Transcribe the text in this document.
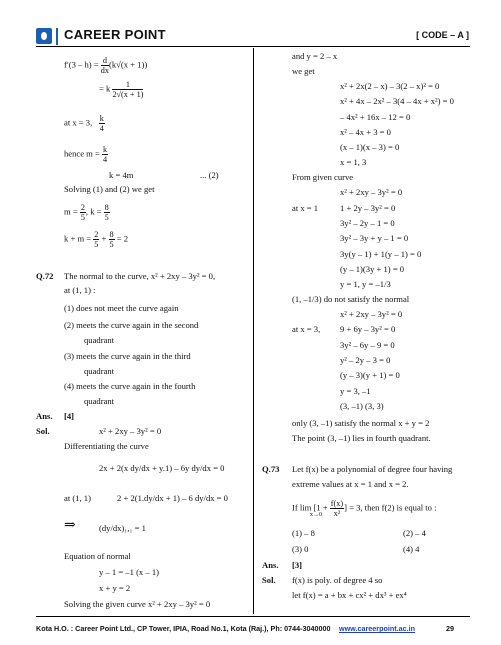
CAREER POINT	[ CODE – A ]
$f'(3 - h) = \frac{d}{dx} (k√(x + 1))$
= k $\frac{1}{2√(x + 1)}$
at x = 3, $\frac{k}{4}$
hence $m = \frac{k}{4}$
k = 4m	... (2)
Solving (1) and (2) we get
$m = \frac{2}{5}$ , $k = \frac{8}{5}$
$k + m = \frac{2}{5} + \frac{8}{5} = 2$
Q.72 The normal to the curve, x² + 2xy – 3y² = 0,
at (1, 1) :
(1) does not meet the curve again
(2) meets the curve again in the second
quadrant
(3) meets the curve again in the third
quadrant
(4) meets the curve again in the fourth
quadrant
Ans. [4]
Sol.	x² + 2xy – 3y² = 0
Differentiating the curve
2x + 2(x dy/dx + y.1) – 6y dy/dx = 0
at (1, 1)	2 + 2(1.dy/dx + 1) – 6 dy/dx = 0
⇒	(dy/dx)₁,₁ = 1
Equation of normal
y – 1 = –1 (x – 1)
x + y = 2
Solving the given curve x² + 2xy – 3y² = 0
and y = 2 – x
we get
x² + 2x(2 – x) – 3(2 – x)² = 0
x² + 4x – 2x² – 3(4 – 4x + x²) = 0
– 4x² + 16x – 12 = 0
x² – 4x + 3 = 0
(x – 1)(x – 3) = 0
x = 1, 3
From given curve
x² + 2xy – 3y² = 0
at x = 1	1 + 2y – 3y² = 0
3y² – 2y – 1 = 0
3y² – 3y + y – 1 = 0
3y(y – 1) + 1(y – 1) = 0
(y – 1)(3y + 1) = 0
y = 1, y = –1/3
(1, –1/3) do not satisfy the normal
x² + 2xy – 3y² = 0
at x = 3, 9 + 6y – 3y² = 0
3y² – 6y – 9 = 0
y² – 2y – 3 = 0
(y – 3)(y + 1) = 0
y = 3, –1
(3, –1) (3, 3)
only (3, –1) satisfy the normal x + y = 2
The point (3, –1) lies in fourth quadrant.
Q.73 Let f(x) be a polynomial of degree four having
extreme values at x = 1 and x = 2.
If $\lim [1 + \frac{f(x)}{\text{x²}}$ ] = 3, then f(2) is equal to :
x→0
(1) – 8	(2) – 4
(3) 0	(4) 4
Ans. [3]
Sol. f(x) is poly. of degree 4 so
let f(x) = a + bx + cx² + dx³ + ex⁴
Kota H.O. : Career Point Ltd., CP Tower, IPIA, Road No.1, Kota (Raj.), Ph: 0744-3040000 www.careerpoint.ac.in	29
